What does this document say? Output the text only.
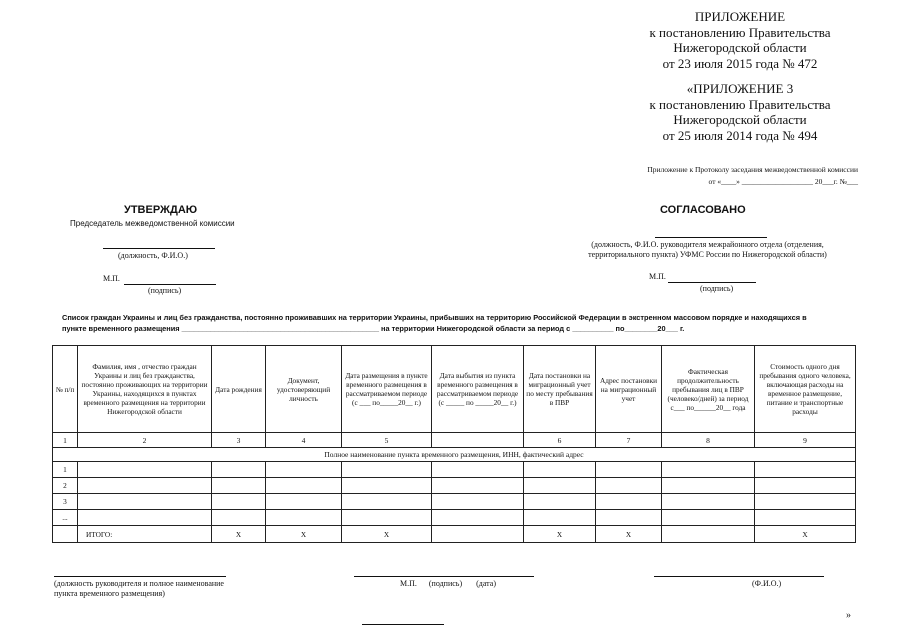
ПРИЛОЖЕНИЕ
к постановлению Правительства
Нижегородской области
от 23 июля 2015 года № 472
«ПРИЛОЖЕНИЕ 3
к постановлению Правительства
Нижегородской области
от 25 июля 2014 года № 494
Приложение к Протоколу заседания межведомственной комиссии
от «____» ___________________ 20___г. №___
УТВЕРЖДАЮ
Председатель межведомственной комиссии
(должность, Ф.И.О.)
М.П.
(подпись)
СОГЛАСОВАНО
(должность, Ф.И.О. руководителя межрайонного отдела (отделения,
территориального пункта) УФМС России по Нижегородской области)
М.П.
(подпись)
Список граждан Украины и лиц без гражданства, постоянно проживавших на территории Украины, прибывших на территорию Российской Федерации в экстренном массовом порядке и находящихся в
пункте временного размещения ________________________________________________ на территории Нижегородской области за период с __________ по________20___ г.
№ п/п	Фамилия, имя , отчество граждан Украины и лиц без гражданства, постоянно проживающих на территории Украины, находящихся в пунктах временного размещения на территории Нижегородской области	Дата рождения	Документ, удостоверяющий личность	Дата размещения в пункте временного размещения в рассматриваемом периоде (с ___ по_____20__ г.)	Дата выбытия из пункта временного размещения в рассматриваемом периоде (с _____ по _____20__ г.)	Дата постановки на миграционный учет по месту пребывания в ПВР	Адрес постановки на миграционный учет	Фактическая продолжительность пребывания лиц в ПВР (человеко/дней) за период с___ по______20__ года	Стоимость одного дня пребывания одного человека, включающая расходы на временное размещение, питание и транспортные расходы
1	2	3	4	5		6	7	8	9
Полное наименование пункта временного размещения, ИНН, фактический адрес									
1									
2									
3									
...									
	ИТОГО:	Х	Х	Х		Х	Х		Х
(должность руководителя и полное наименование
пункта временного размещения)
М.П.      (подпись)       (дата)	(Ф.И.О.)
»
